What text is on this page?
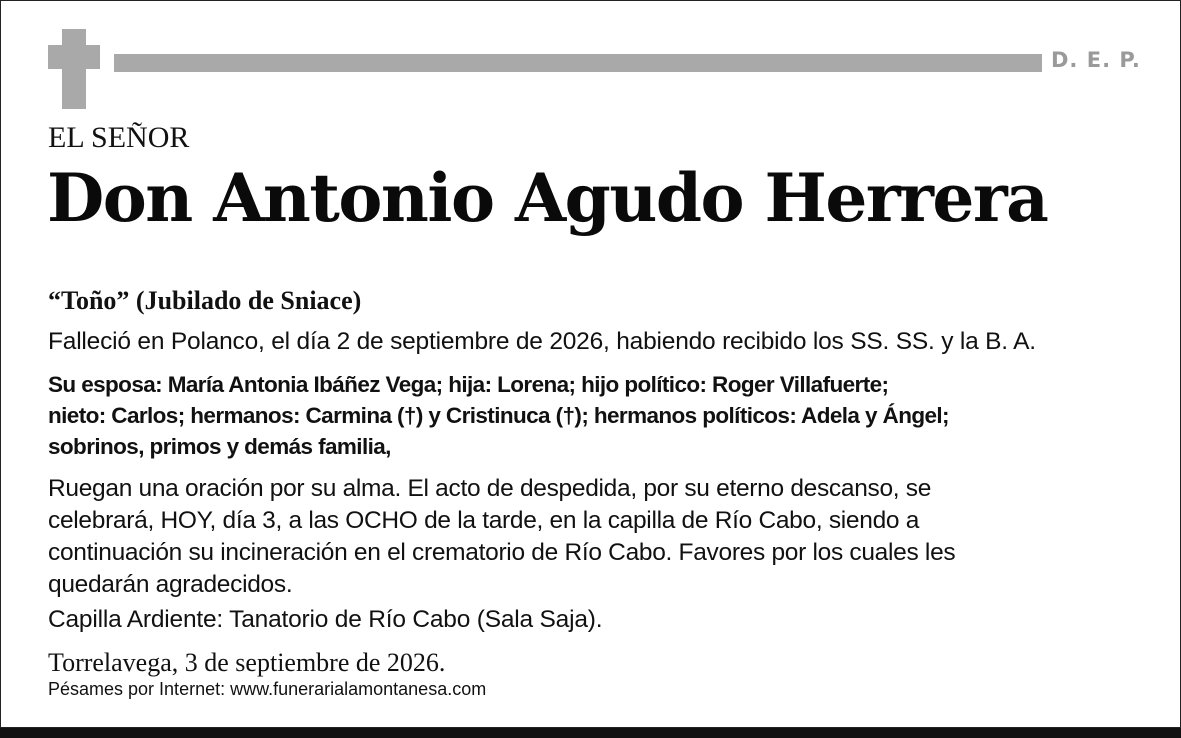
D. E. P.
EL SEÑOR
Don Antonio Agudo Herrera
“Toño” (Jubilado de Sniace)
Falleció en Polanco, el día 2 de septiembre de 2026, habiendo recibido los SS. SS. y la B. A.
Su esposa: María Antonia Ibáñez Vega; hija: Lorena; hijo político: Roger Villafuerte;
nieto: Carlos; hermanos: Carmina (†) y Cristinuca (†); hermanos políticos: Adela y Ángel;
sobrinos, primos y demás familia,
Ruegan una oración por su alma. El acto de despedida, por su eterno descanso, se
celebrará, HOY, día 3, a las OCHO de la tarde, en la capilla de Río Cabo, siendo a
continuación su incineración en el crematorio de Río Cabo. Favores por los cuales les
quedarán agradecidos.
Capilla Ardiente: Tanatorio de Río Cabo (Sala Saja).
Torrelavega, 3 de septiembre de 2026.
Pésames por Internet: www.funerarialamontanesa.com
